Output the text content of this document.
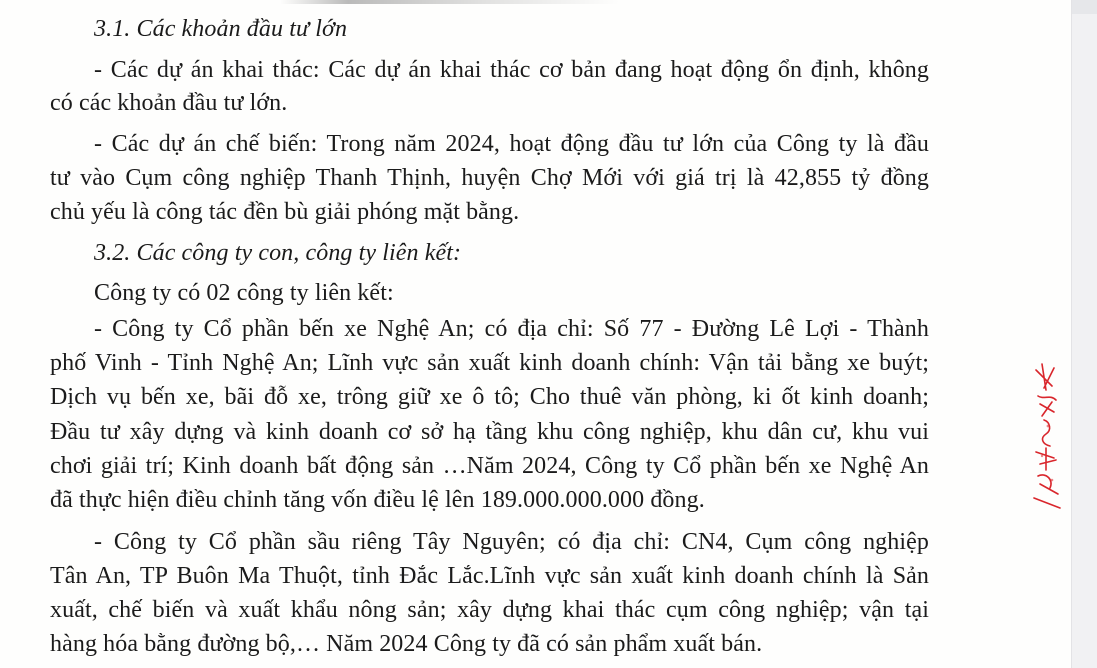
3.1. Các khoản đầu tư lớn
- Các dự án khai thác: Các dự án khai thác cơ bản đang hoạt động ổn định, không
có các khoản đầu tư lớn.
- Các dự án chế biến: Trong năm 2024, hoạt động đầu tư lớn của Công ty là đầu
tư vào Cụm công nghiệp Thanh Thịnh, huyện Chợ Mới với giá trị là 42,855 tỷ đồng
chủ yếu là công tác đền bù giải phóng mặt bằng.
3.2. Các công ty con, công ty liên kết:
Công ty có 02 công ty liên kết:
- Công ty Cổ phần bến xe Nghệ An; có địa chỉ: Số 77 - Đường Lê Lợi - Thành
phố Vinh - Tỉnh Nghệ An; Lĩnh vực sản xuất kinh doanh chính: Vận tải bằng xe buýt;
Dịch vụ bến xe, bãi đỗ xe, trông giữ xe ô tô; Cho thuê văn phòng, ki ốt kinh doanh;
Đầu tư xây dựng và kinh doanh cơ sở hạ tầng khu công nghiệp, khu dân cư, khu vui
chơi giải trí; Kinh doanh bất động sản …Năm 2024, Công ty Cổ phần bến xe Nghệ An
đã thực hiện điều chỉnh tăng vốn điều lệ lên 189.000.000.000 đồng.
- Công ty Cổ phần sầu riêng Tây Nguyên; có địa chỉ: CN4, Cụm công nghiệp
Tân An, TP Buôn Ma Thuột, tỉnh Đắc Lắc.Lĩnh vực sản xuất kinh doanh chính là Sản
xuất, chế biến và xuất khẩu nông sản; xây dựng khai thác cụm công nghiệp; vận tại
hàng hóa bằng đường bộ,… Năm 2024 Công ty đã có sản phẩm xuất bán.
